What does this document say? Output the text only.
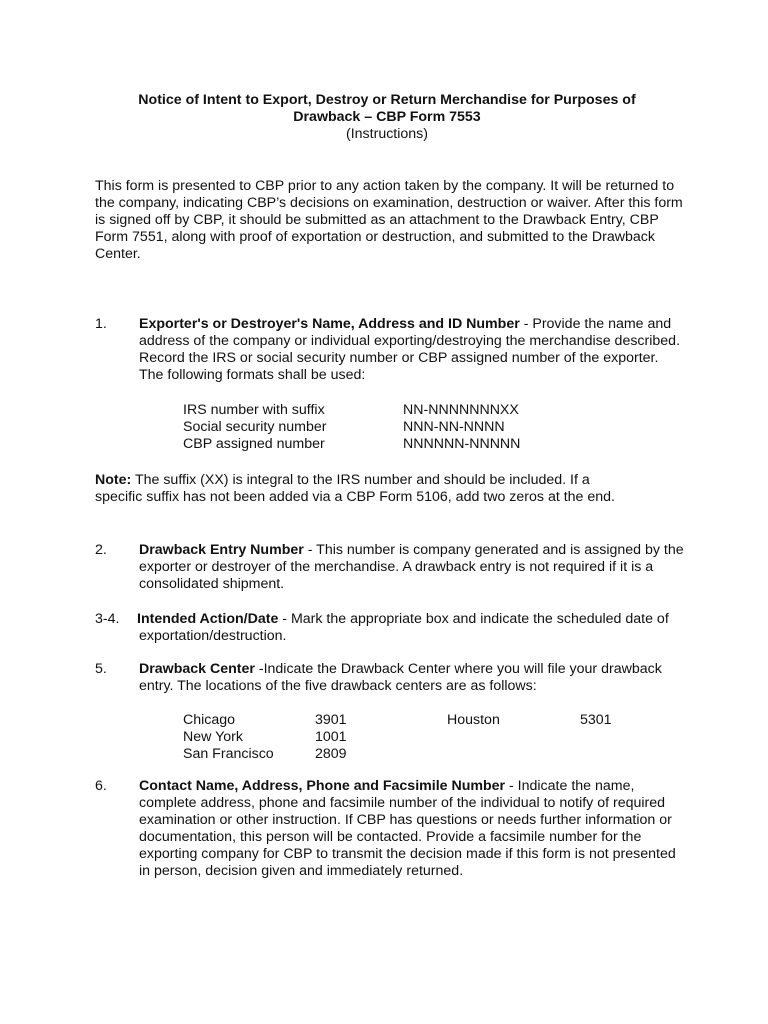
Notice of Intent to Export, Destroy or Return Merchandise for Purposes of
Drawback – CBP Form 7553
(Instructions)
This form is presented to CBP prior to any action taken by the company. It will be returned to the company, indicating CBP’s decisions on examination, destruction or waiver. After this form is signed off by CBP, it should be submitted as an attachment to the Drawback Entry, CBP Form 7551, along with proof of exportation or destruction, and submitted to the Drawback Center.
1. Exporter's or Destroyer's Name, Address and ID Number - Provide the name and address of the company or individual exporting/destroying the merchandise described. Record the IRS or social security number or CBP assigned number of the exporter. The following formats shall be used:
IRS number with suffix	NN-NNNNNNNXX
Social security number	NNN-NN-NNNN
CBP assigned number	NNNNNN-NNNNN
Note: The suffix (XX) is integral to the IRS number and should be included. If a specific suffix has not been added via a CBP Form 5106, add two zeros at the end.
2. Drawback Entry Number - This number is company generated and is assigned by the exporter or destroyer of the merchandise. A drawback entry is not required if it is a consolidated shipment.
3-4. Intended Action/Date - Mark the appropriate box and indicate the scheduled date of exportation/destruction.
5. Drawback Center -Indicate the Drawback Center where you will file your drawback entry. The locations of the five drawback centers are as follows:
Chicago	3901	Houston	5301
New York	1001
San Francisco	2809
6. Contact Name, Address, Phone and Facsimile Number - Indicate the name, complete address, phone and facsimile number of the individual to notify of required examination or other instruction. If CBP has questions or needs further information or documentation, this person will be contacted. Provide a facsimile number for the exporting company for CBP to transmit the decision made if this form is not presented in person, decision given and immediately returned.
